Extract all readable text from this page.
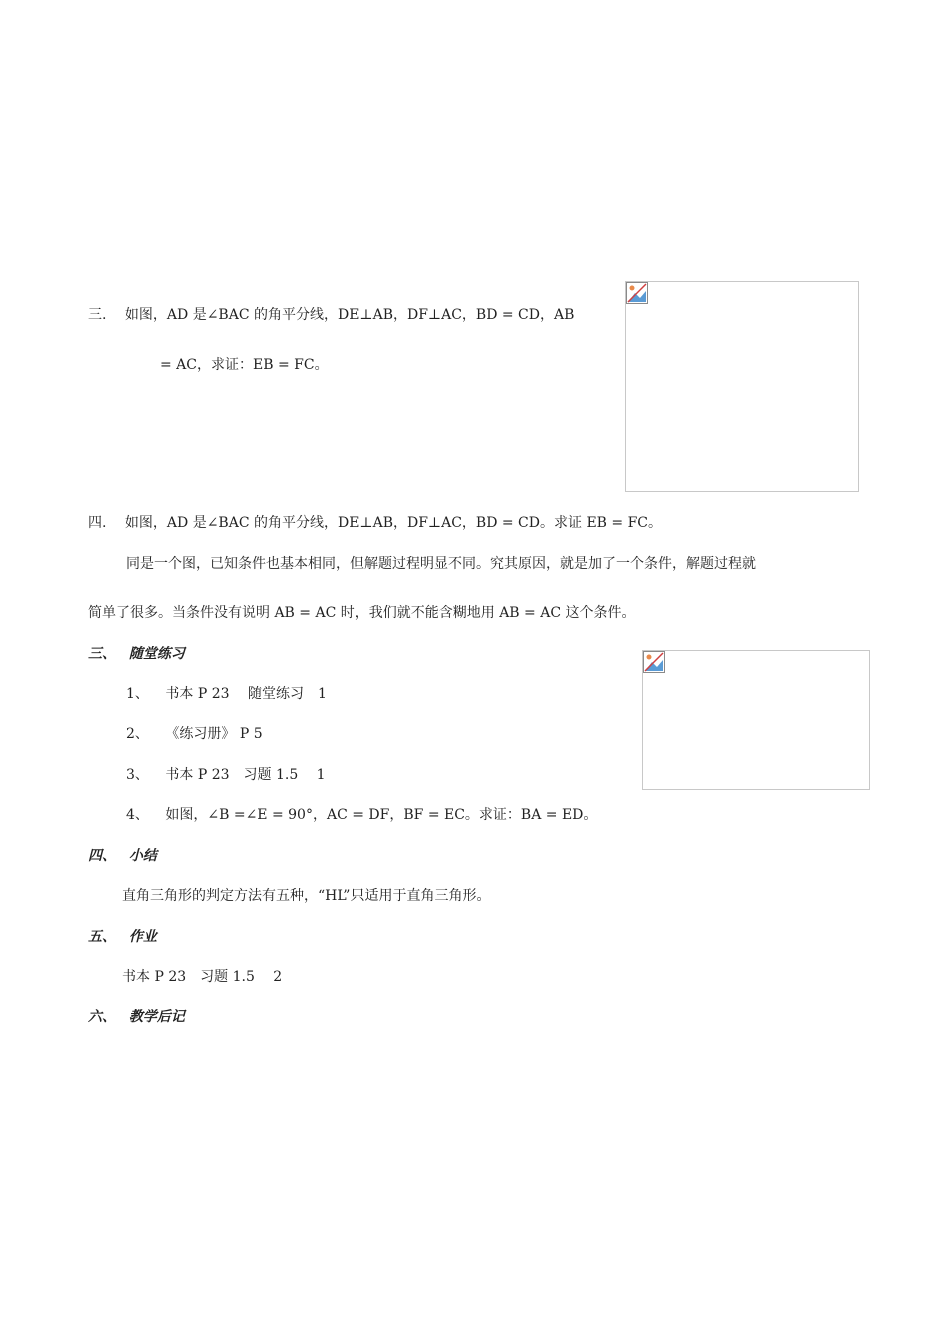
三. 如图，AD 是∠BAC 的角平分线，DE⊥AB，DF⊥AC，BD = CD，AB
= AC，求证：EB = FC。
四. 如图，AD 是∠BAC 的角平分线，DE⊥AB，DF⊥AC，BD = CD。求证 EB = FC。
同是一个图，已知条件也基本相同，但解题过程明显不同。究其原因，就是加了一个条件，解题过程就
简单了很多。当条件没有说明 AB = AC 时，我们就不能含糊地用 AB = AC 这个条件。
三、 随堂练习
1、 书本 P 23　 随堂练习　1
2、 《练习册》 P 5
3、 书本 P 23　习题 1.5　 1
4、 如图，∠B =∠E = 90°，AC = DF，BF = EC。求证：BA = ED。
四、 小结
直角三角形的判定方法有五种，“HL”只适用于直角三角形。
五、 作业
书本 P 23　习题 1.5　 2
六、 教学后记
